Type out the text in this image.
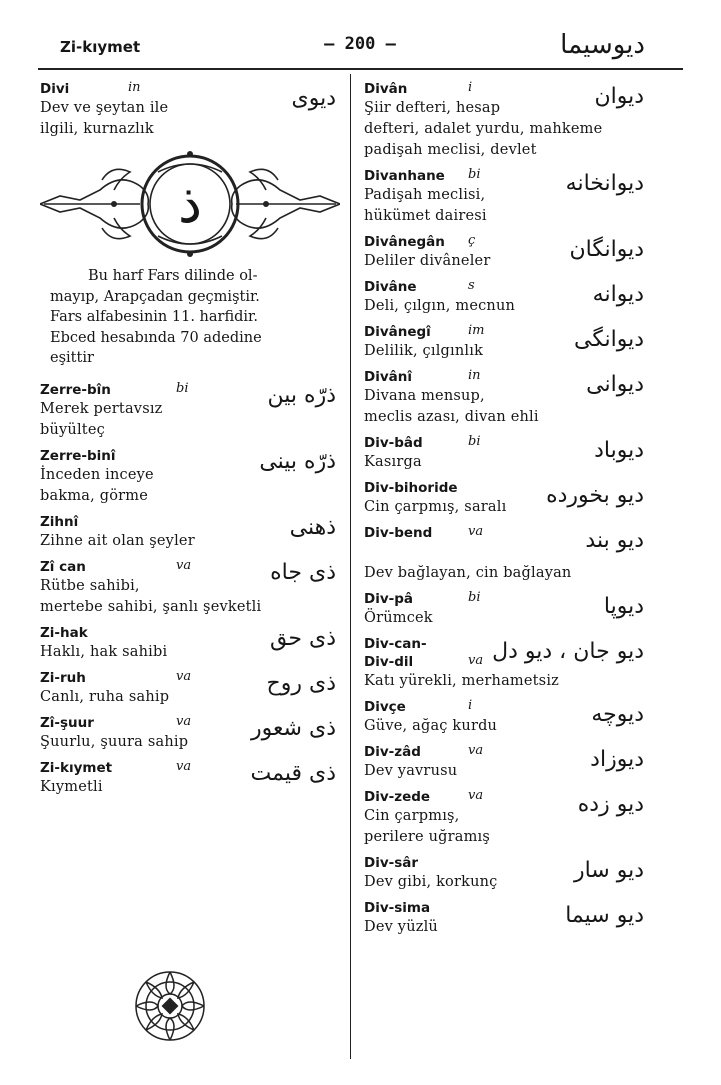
Zi-kıymet	— 200 —	ديوسيما
Divi	in	ديوى
Dev ve şeytan ile
ilgili, kurnazlık
ذ
Bu harf Fars dilinde ol-
mayıp, Arapçadan geçmiştir.
Fars alfabesinin 11. harfidir.
Ebced hesabında 70 adedine
eşittir
Zerre-bîn	bi	ذرّه بين
Merek pertavsız
büyülteç
Zerre-binî	ذرّه بينى
İnceden inceye
bakma, görme
Zihnî	ذهنى
Zihne ait olan şeyler
Zî can	va	ذى جاه
Rütbe sahibi,
mertebe sahibi, şanlı şevketli
Zi-hak	ذى حق
Haklı, hak sahibi
Zi-ruh	va	ذى روح
Canlı, ruha sahip
Zî-şuur	va	ذى شعور
Şuurlu, şuura sahip
Zi-kıymet	va	ذى قيمت
Kıymetli
Divân	i	ديوان
Şiir defteri, hesap
defteri, adalet yurdu, mahkeme
padişah meclisi, devlet
Divanhane	bi	ديوانخانه
Padişah meclisi,
hükümet dairesi
Divânegân	ç	ديوانگان
Deliler divâneler
Divâne	s	ديوانه
Deli, çılgın, mecnun
Divânegî	im	ديوانگى
Delilik, çılgınlık
Divânî	in	ديوانى
Divana mensup,
meclis azası, divan ehli
Div-bâd	bi	ديوباد
Kasırga
Div-bihoride	ديو بخورده
Cin çarpmış, saralı
Div-bend	va	ديو بند

Dev bağlayan, cin bağlayan
Div-pâ	bi	ديوپا
Örümcek
Div-can-
Div-dil	va ديو جان ، ديو دل
Katı yürekli, merhametsiz
Divçe	i	ديوچه
Güve, ağaç kurdu
Div-zâd	va	ديوزاد
Dev yavrusu
Div-zede	va	ديو زده
Cin çarpmış,
perilere uğramış
Div-sâr	ديو سار
Dev gibi, korkunç
Div-sima	ديو سيما
Dev yüzlü
